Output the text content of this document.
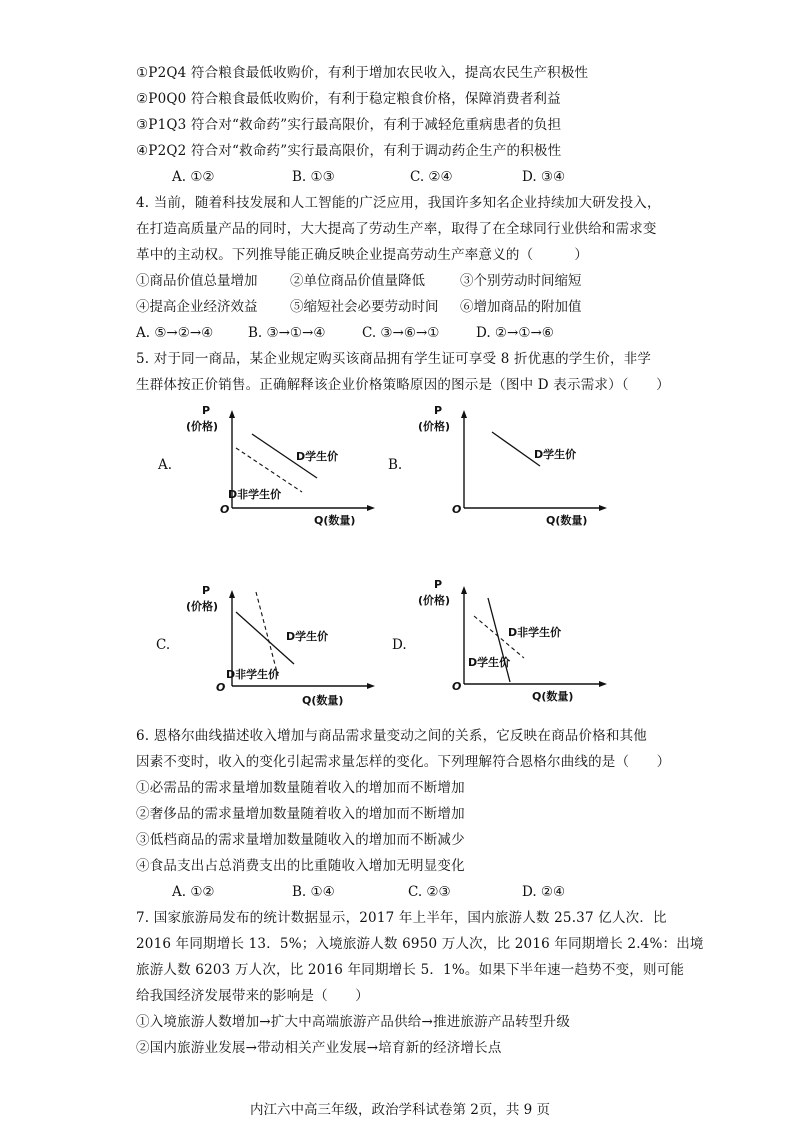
①P2Q4 符合粮食最低收购价，有利于增加农民收入，提高农民生产积极性
②P0Q0 符合粮食最低收购价，有利于稳定粮食价格，保障消费者利益
③P1Q3 符合对“救命药”实行最高限价，有利于减轻危重病患者的负担
④P2Q2 符合对“救命药”实行最高限价，有利于调动药企生产的积极性
A. ①②	B. ①③	C. ②④	D. ③④
4. 当前，随着科技发展和人工智能的广泛应用，我国许多知名企业持续加大研发投入，
在打造高质量产品的同时，大大提高了劳动生产率，取得了在全球同行业供给和需求变
革中的主动权。下列推导能正确反映企业提高劳动生产率意义的（　　　）
①商品价值总量增加 ②单位商品价值量降低	③个别劳动时间缩短
④提高企业经济效益 ⑤缩短社会必要劳动时间 ⑥增加商品的附加值
A. ⑤→②→④	B. ③→①→④	C. ③→⑥→①	D. ②→①→⑥
5. 对于同一商品，某企业规定购买该商品拥有学生证可享受 8 折优惠的学生价，非学
生群体按正价销售。正确解释该企业价格策略原因的图示是（图中 D 表示需求）（　　）
A.
P
(价格)
O
Q(数量)
D学生价
D非学生价
B.
P
(价格)
O
Q(数量)
D学生价
C.
P
(价格)
O
Q(数量)
D学生价
D非学生价
D.
P
(价格)
O
Q(数量)
D非学生价
D学生价
6. 恩格尔曲线描述收入增加与商品需求量变动之间的关系，它反映在商品价格和其他
因素不变时，收入的变化引起需求量怎样的变化。下列理解符合恩格尔曲线的是（　　）
①必需品的需求量增加数量随着收入的增加而不断增加
②奢侈品的需求量增加数量随着收入的增加而不断增加
③低档商品的需求量增加数量随收入的增加而不断减少
④食品支出占总消费支出的比重随收入增加无明显变化
A. ①②	B. ①④	C. ②③	D. ②④
7. 国家旅游局发布的统计数据显示，2017 年上半年，国内旅游人数 25.37 亿人次．比
2016 年同期增长 13．5%；入境旅游人数 6950 万人次，比 2016 年同期增长 2.4%：出境
旅游人数 6203 万人次，比 2016 年同期增长 5．1%。如果下半年速一趋势不变，则可能
给我国经济发展带来的影响是（　　）
①入境旅游人数增加→扩大中高端旅游产品供给→推进旅游产品转型升级
②国内旅游业发展→带动相关产业发展→培育新的经济增长点
内江六中高三年级，政治学科试卷第 2页，共 9 页
